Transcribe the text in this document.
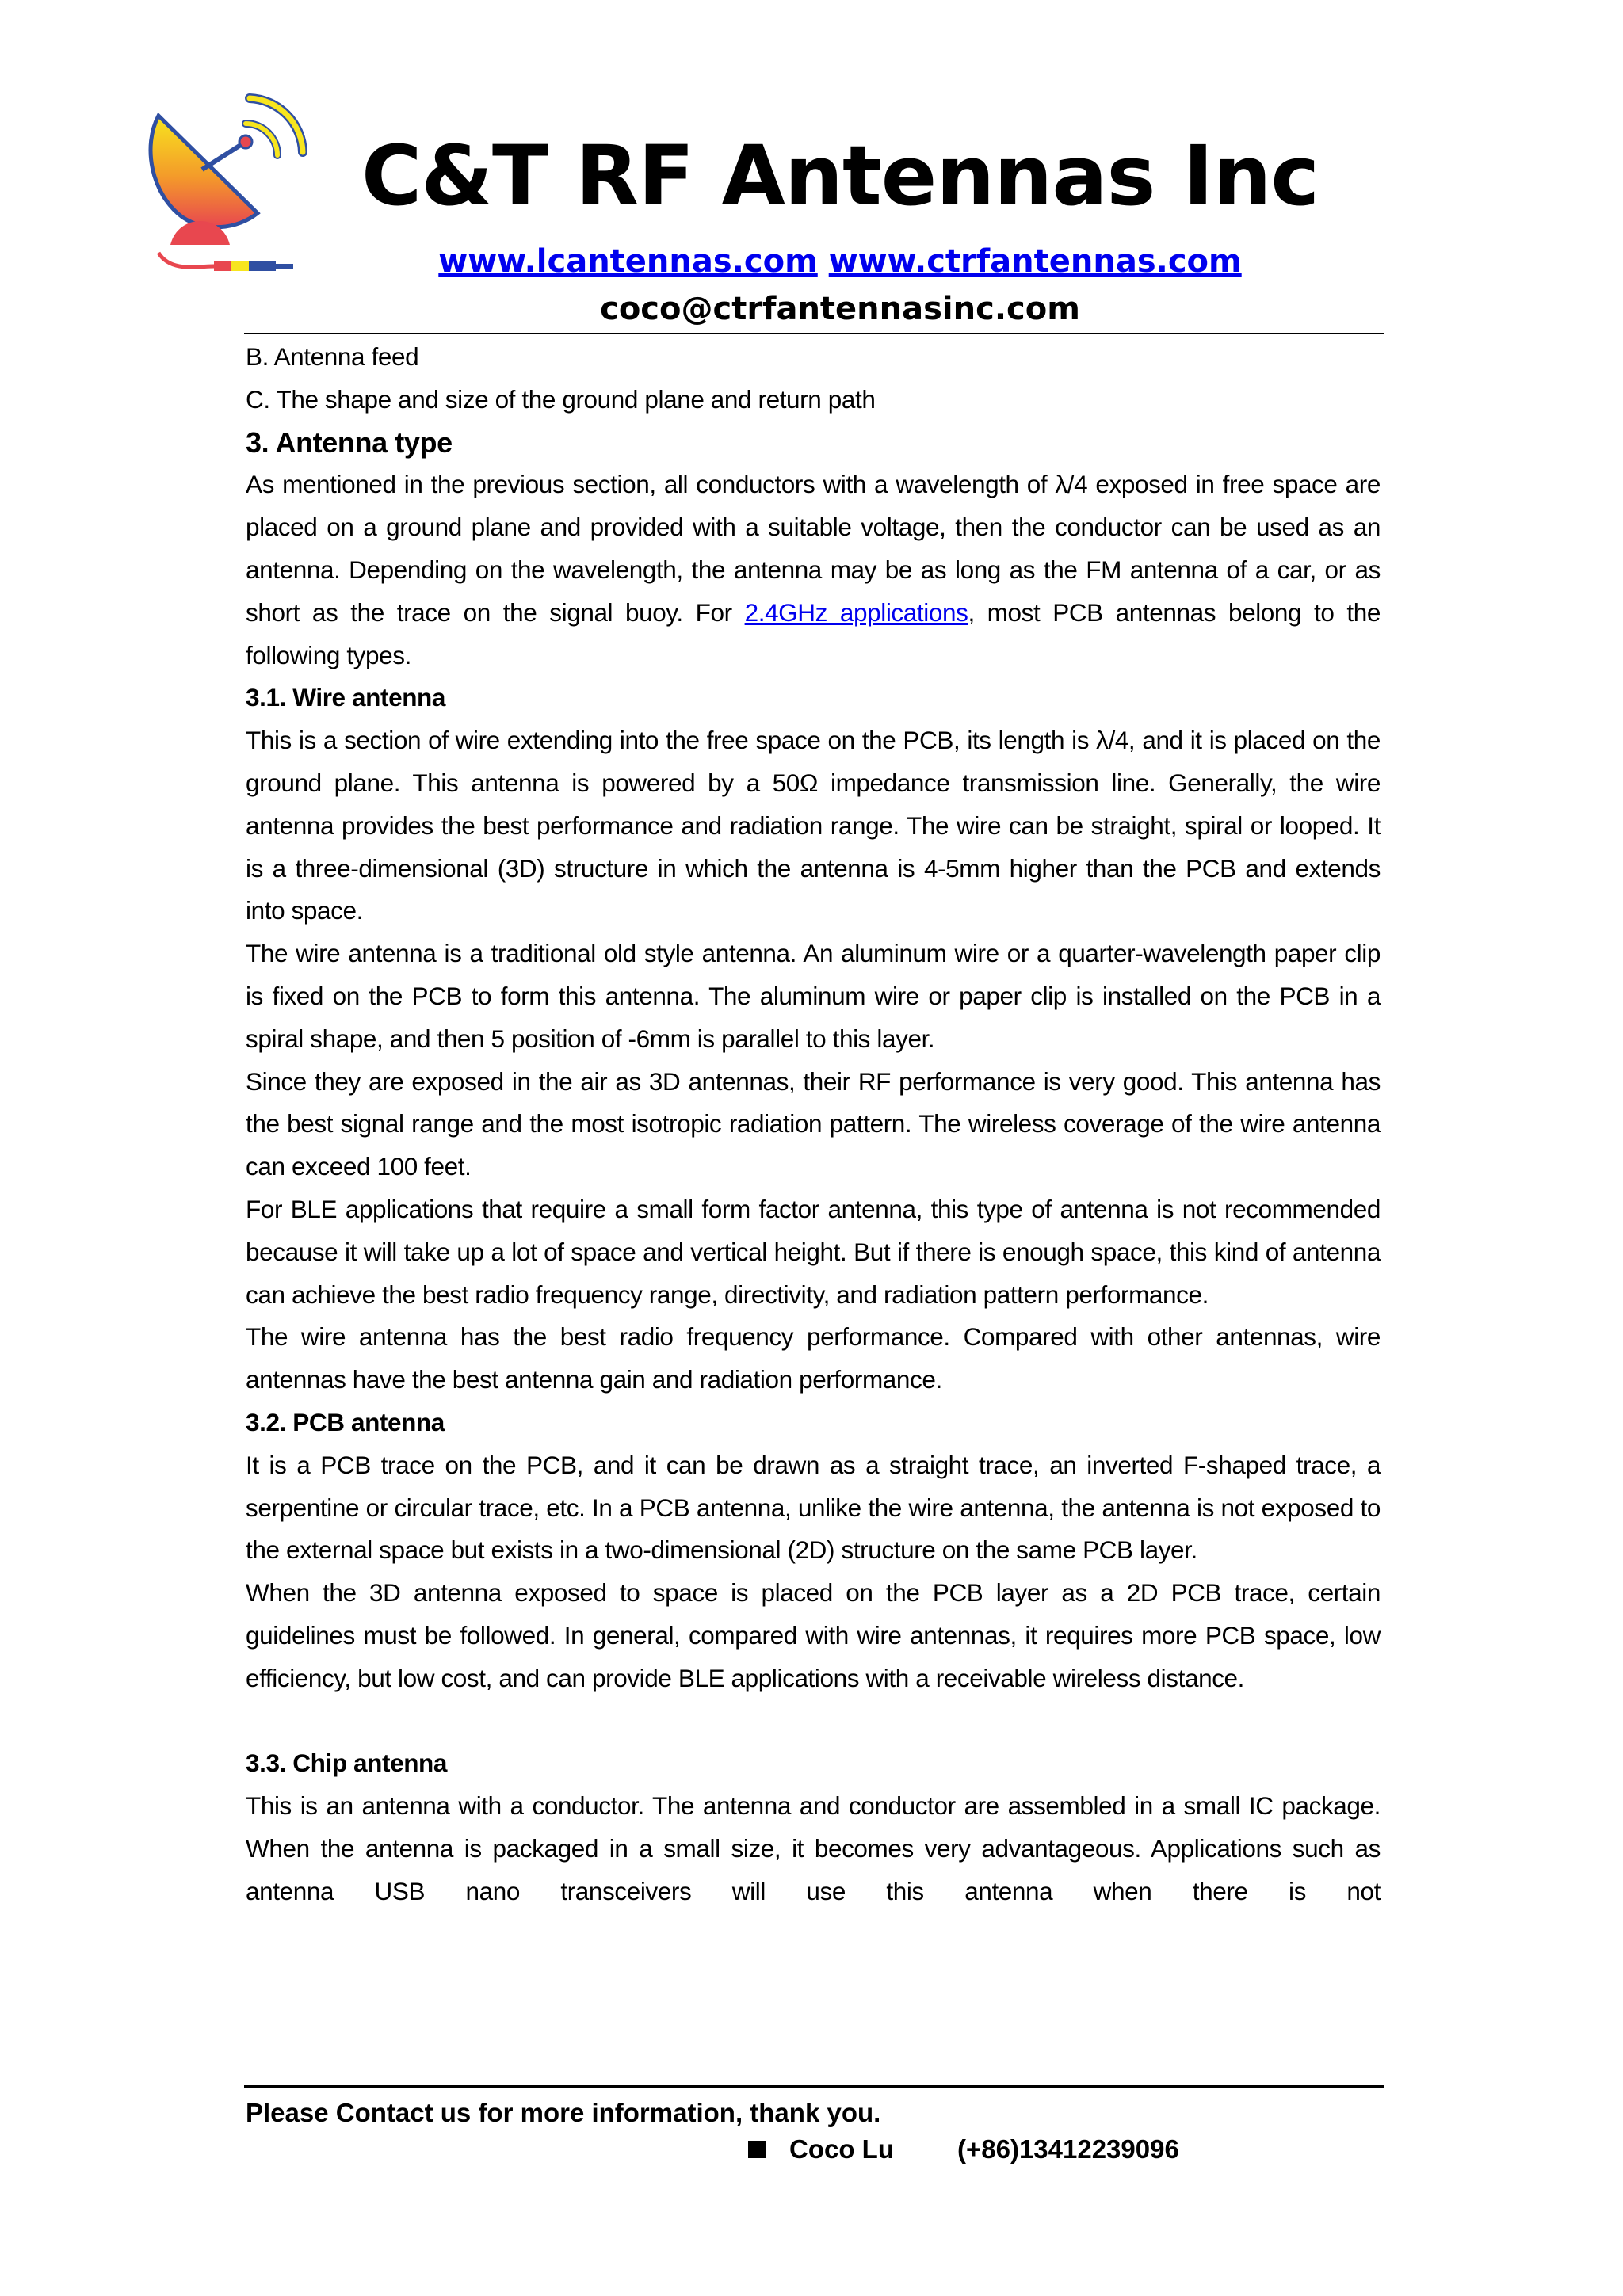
C&T RF Antennas Inc
www.lcantennas.com www.ctrfantennas.com
coco@ctrfantennasinc.com

B. Antenna feed

C. The shape and size of the ground plane and return path

3. Antenna type

As mentioned in the previous section, all conductors with a wavelength of λ/4 exposed in free space are placed on a ground plane and provided with a suitable voltage, then the conductor can be used as an antenna. Depending on the wavelength, the antenna may be as long as the FM antenna of a car, or as short as the trace on the signal buoy. For 2.4GHz applications, most PCB antennas belong to the following types.

3.1. Wire antenna

This is a section of wire extending into the free space on the PCB, its length is λ/4, and it is placed on the ground plane. This antenna is powered by a 50Ω impedance transmission line. Generally, the wire antenna provides the best performance and radiation range. The wire can be straight, spiral or looped. It is a three-dimensional (3D) structure in which the antenna is 4-5mm higher than the PCB and extends into space.

The wire antenna is a traditional old style antenna. An aluminum wire or a quarter-wavelength paper clip is fixed on the PCB to form this antenna. The aluminum wire or paper clip is installed on the PCB in a spiral shape, and then 5 position of -6mm is parallel to this layer.

Since they are exposed in the air as 3D antennas, their RF performance is very good. This antenna has the best signal range and the most isotropic radiation pattern. The wireless coverage of the wire antenna can exceed 100 feet.

For BLE applications that require a small form factor antenna, this type of antenna is not recommended because it will take up a lot of space and vertical height. But if there is enough space, this kind of antenna can achieve the best radio frequency range, directivity, and radiation pattern performance.

The wire antenna has the best radio frequency performance. Compared with other antennas, wire antennas have the best antenna gain and radiation performance.

3.2. PCB antenna

It is a PCB trace on the PCB, and it can be drawn as a straight trace, an inverted F-shaped trace, a serpentine or circular trace, etc. In a PCB antenna, unlike the wire antenna, the antenna is not exposed to the external space but exists in a two-dimensional (2D) structure on the same PCB layer.

When the 3D antenna exposed to space is placed on the PCB layer as a 2D PCB trace, certain guidelines must be followed. In general, compared with wire antennas, it requires more PCB space, low efficiency, but low cost, and can provide BLE applications with a receivable wireless distance.

3.3. Chip antenna

This is an antenna with a conductor. The antenna and conductor are assembled in a small IC package. When the antenna is packaged in a small size, it becomes very advantageous. Applications such as antenna USB nano transceivers will use this antenna when there is not

Please Contact us for more information, thank you.
Coco Lu (+86)13412239096
